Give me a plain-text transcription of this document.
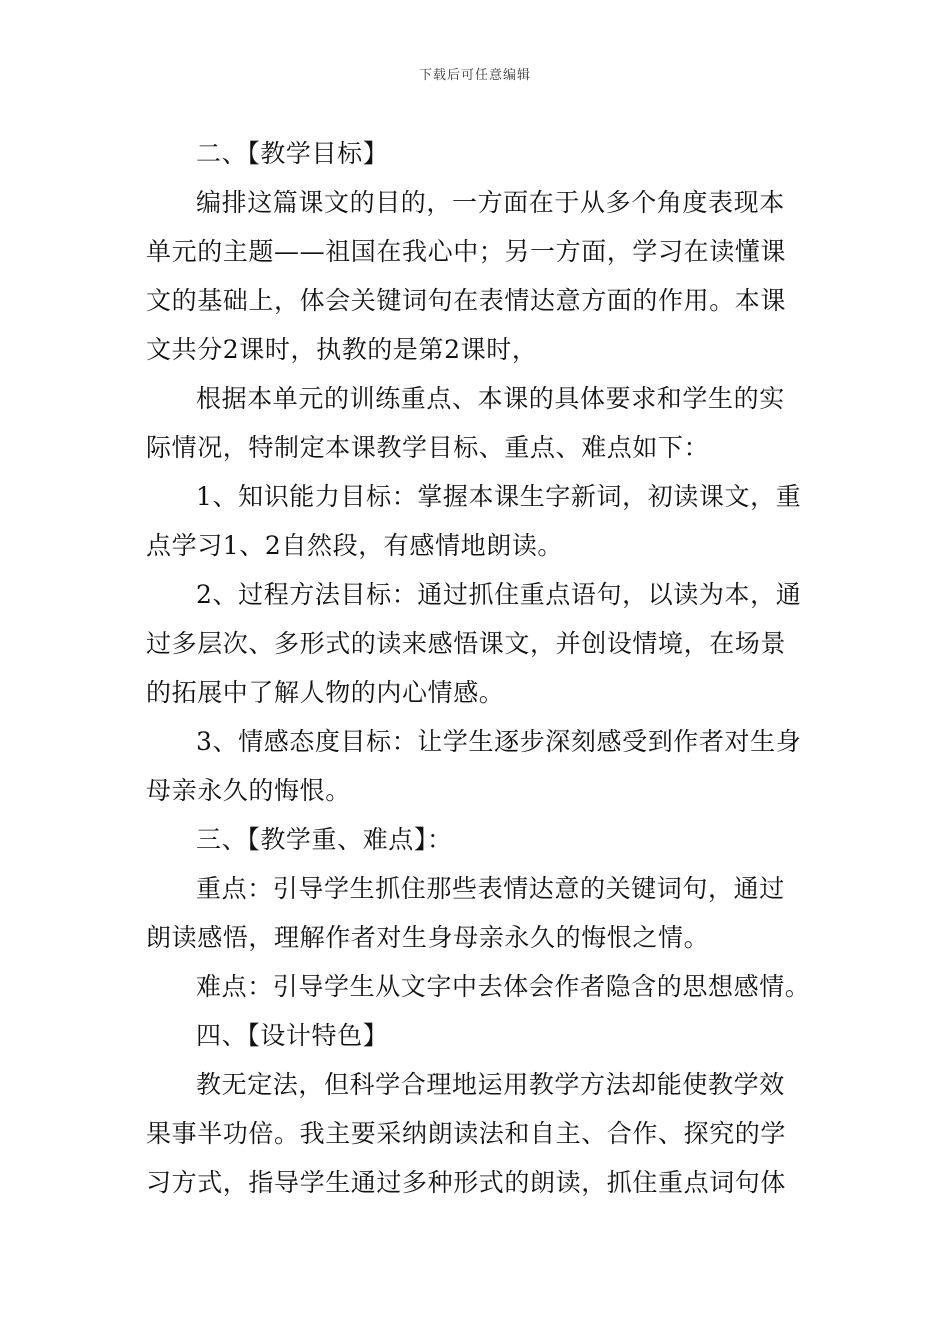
下载后可任意编辑

二、【教学目标】

编排这篇课文的目的，一方面在于从多个角度表现本
单元的主题——祖国在我心中；另一方面，学习在读懂课
文的基础上，体会关键词句在表情达意方面的作用。本课
文共分2课时，执教的是第2课时，

根据本单元的训练重点、本课的具体要求和学生的实
际情况，特制定本课教学目标、重点、难点如下：

1、知识能力目标：掌握本课生字新词，初读课文，重
点学习1、2自然段，有感情地朗读。

2、过程方法目标：通过抓住重点语句，以读为本，通
过多层次、多形式的读来感悟课文，并创设情境，在场景
的拓展中了解人物的内心情感。

3、情感态度目标：让学生逐步深刻感受到作者对生身
母亲永久的悔恨。

三、【教学重、难点】：

重点：引导学生抓住那些表情达意的关键词句，通过
朗读感悟，理解作者对生身母亲永久的悔恨之情。

难点：引导学生从文字中去体会作者隐含的思想感情。

四、【设计特色】

教无定法，但科学合理地运用教学方法却能使教学效
果事半功倍。我主要采纳朗读法和自主、合作、探究的学
习方式，指导学生通过多种形式的朗读，抓住重点词句体
